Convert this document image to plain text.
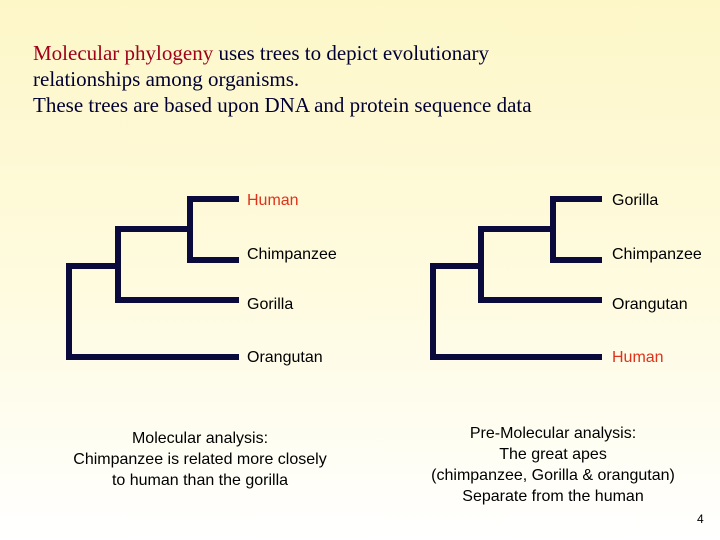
Molecular phylogeny uses trees to depict evolutionary
relationships among organisms.
These trees are based upon DNA and protein sequence data
Human
Chimpanzee
Gorilla
Orangutan
Gorilla
Chimpanzee
Orangutan
Human
Molecular analysis:
Chimpanzee is related more closely
to human than the gorilla
Pre-Molecular analysis:
The great apes
(chimpanzee, Gorilla & orangutan)
Separate from the human
4
